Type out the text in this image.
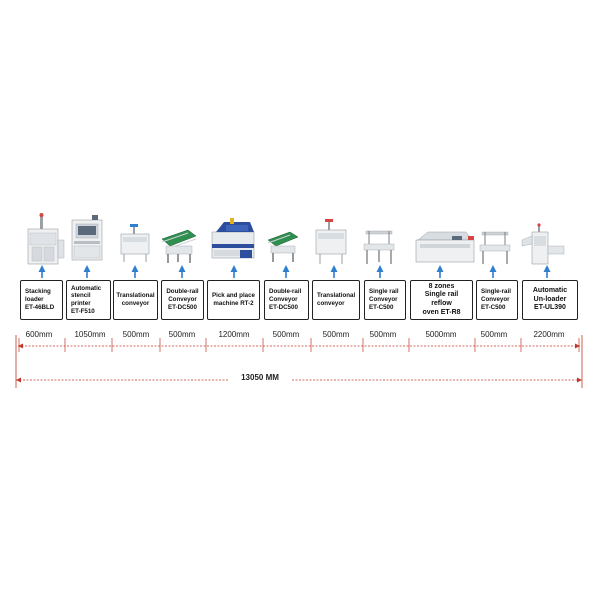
Stacking
loader
ET-46BLD
Automatic
stencil printer
ET-F510
Translational
conveyor
Double-rail
Conveyor
ET-DC500
Pick and place
machine RT-2
Double-rail
Conveyor
ET-DC500
Translational
conveyor
Single rail
Conveyor
ET-C500
8 zones
Single rail reflow
oven ET-R8
Single-rail
Conveyor
ET-C500
Automatic
Un-loader
ET-UL390
600mm	1050mm	500mm	500mm	1200mm	500mm	500mm	500mm	5000mm	500mm	2200mm
13050 MM
